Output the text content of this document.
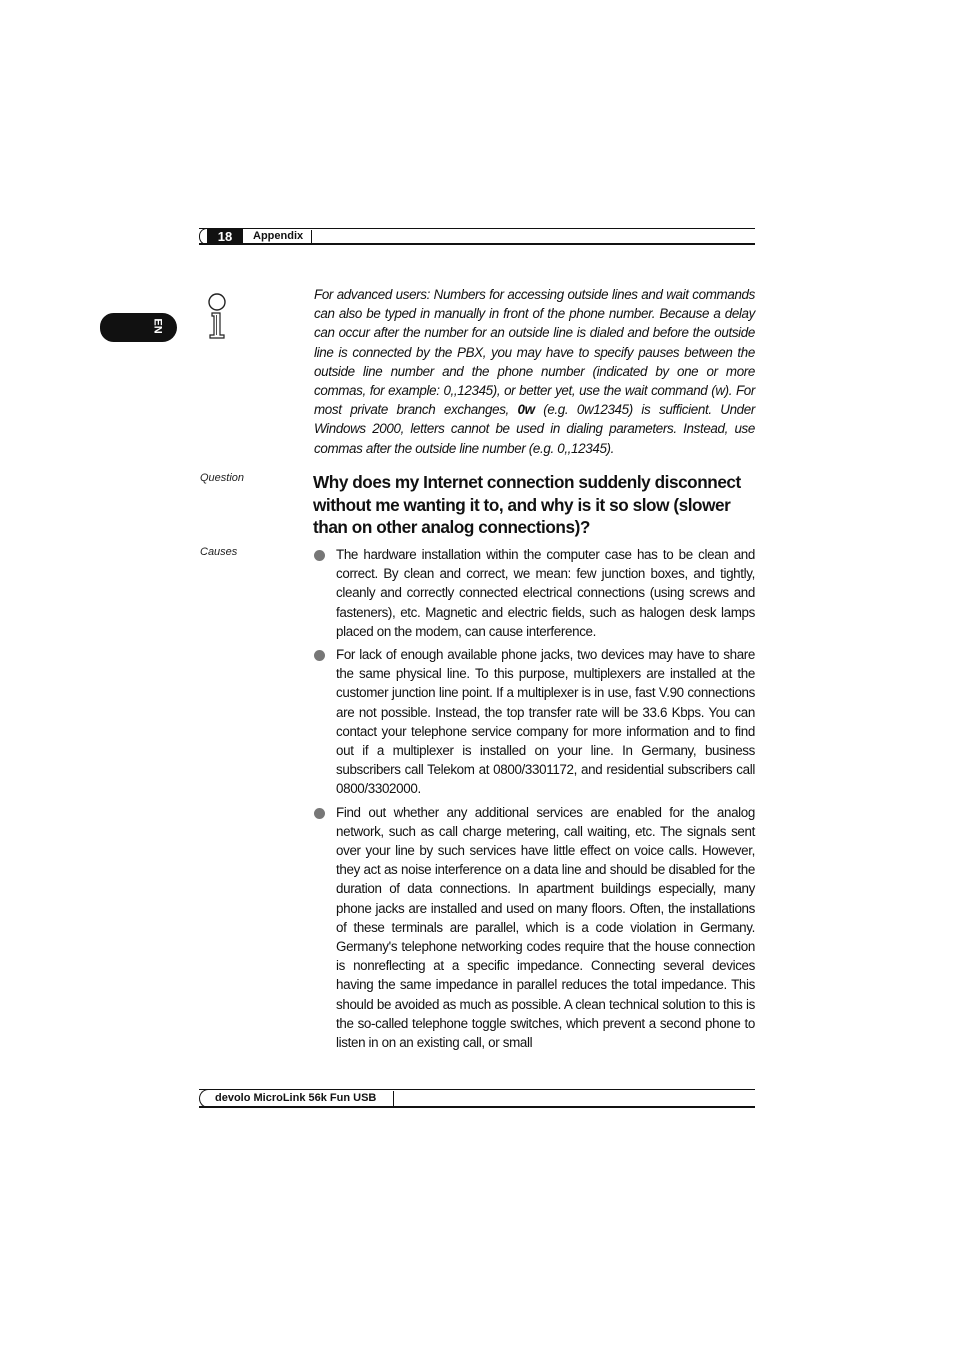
18	Appendix
EN
For advanced users: Numbers for accessing outside lines and wait commands can also be typed in manually in front of the phone number. Because a delay can occur after the number for an outside line is dialed and before the outside line is connected by the PBX, you may have to specify pauses between the outside line number and the phone number (indicated by one or more commas, for example: 0,,12345), or better yet, use the wait command (w). For most private branch exchanges, 0w (e.g. 0w12345) is sufficient. Under Windows 2000, letters cannot be used in dialing parameters. Instead, use commas after the outside line number (e.g. 0,,12345).
Question
Causes
Why does my Internet connection suddenly disconnect without me wanting it to, and why is it so slow (slower than on other analog connections)?
The hardware installation within the computer case has to be clean and correct. By clean and correct, we mean: few junction boxes, and tightly, cleanly and correctly connected electrical connections (using screws and fasteners), etc. Magnetic and electric fields, such as halogen desk lamps placed on the modem, can cause interference.
For lack of enough available phone jacks, two devices may have to share the same physical line. To this purpose, multiplexers are installed at the customer junction line point. If a multiplexer is in use, fast V.90 connections are not possible. Instead, the top transfer rate will be 33.6 Kbps. You can contact your telephone service company for more information and to find out if a multiplexer is installed on your line. In Germany, business subscribers call Telekom at 0800/3301172, and residential subscribers call 0800/3302000.
Find out whether any additional services are enabled for the analog network, such as call charge metering, call waiting, etc. The signals sent over your line by such services have little effect on voice calls. However, they act as noise interference on a data line and should be disabled for the duration of data connections. In apartment buildings especially, many phone jacks are installed and used on many floors. Often, the installations of these terminals are parallel, which is a code violation in Germany. Germany's telephone networking codes require that the house connection is nonreflecting at a specific impedance. Connecting several devices having the same impedance in parallel reduces the total impedance. This should be avoided as much as possible. A clean technical solution to this is the so-called telephone toggle switches, which prevent a second phone to listen in on an existing call, or small
devolo MicroLink 56k Fun USB
